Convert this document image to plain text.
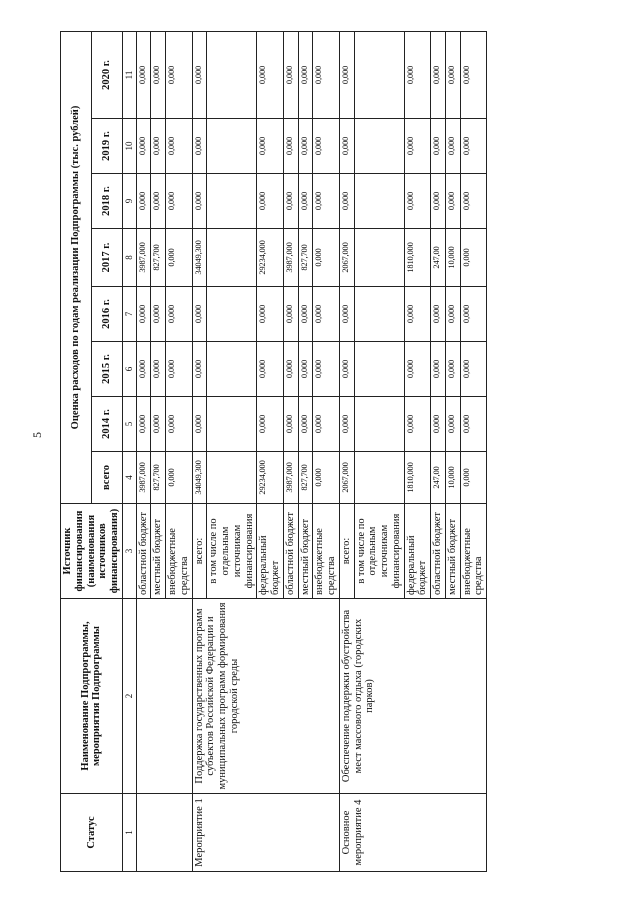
5
Статус	Наименование Подпрограммы, мероприятия Подпрограммы	Источник финансирования (наименования источников финансирования)	Оценка расходов по годам реализации Подпрограммы (тыс. рублей)							
			всего	2014 г.	2015 г.	2016 г.	2017 г.	2018 г.	2019 г.	2020 г.
1	2	3	4	5	6	7	8	9	10	11
		областной бюджет	3987,000	0,000	0,000	0,000	3987,000	0,000	0,000	0,000
		местный бюджет	827,700	0,000	0,000	0,000	827,700	0,000	0,000	0,000
		внебюджетные средства	0,000	0,000	0,000	0,000	0,000	0,000	0,000	0,000
Мероприятие 1	Поддержка государственных программ субъектов Российской Федерации и муниципальных программ формирования городской среды	всего:	34049,300	0,000	0,000	0,000	34049,300	0,000	0,000	0,000
		в том числе по отдельным источникам финансирования								
		федеральный бюджет	29234,000	0,000	0,000	0,000	29234,000	0,000	0,000	0,000
		областной бюджет	3987,000	0,000	0,000	0,000	3987,000	0,000	0,000	0,000
		местный бюджет	827,700	0,000	0,000	0,000	827,700	0,000	0,000	0,000
		внебюджетные средства	0,000	0,000	0,000	0,000	0,000	0,000	0,000	0,000
Основное мероприятие 4	Обеспечение поддержки обустройства мест массового отдыха (городских парков)	всего:	2067,000	0,000	0,000	0,000	2067,000	0,000	0,000	0,000
		в том числе по отдельным источникам финансирования								
		федеральный бюджет	1810,000	0,000	0,000	0,000	1810,000	0,000	0,000	0,000
		областной бюджет	247,00	0,000	0,000	0,000	247,00	0,000	0,000	0,000
		местный бюджет	10,000	0,000	0,000	0,000	10,000	0,000	0,000	0,000
		внебюджетные средства	0,000	0,000	0,000	0,000	0,000	0,000	0,000	0,000
